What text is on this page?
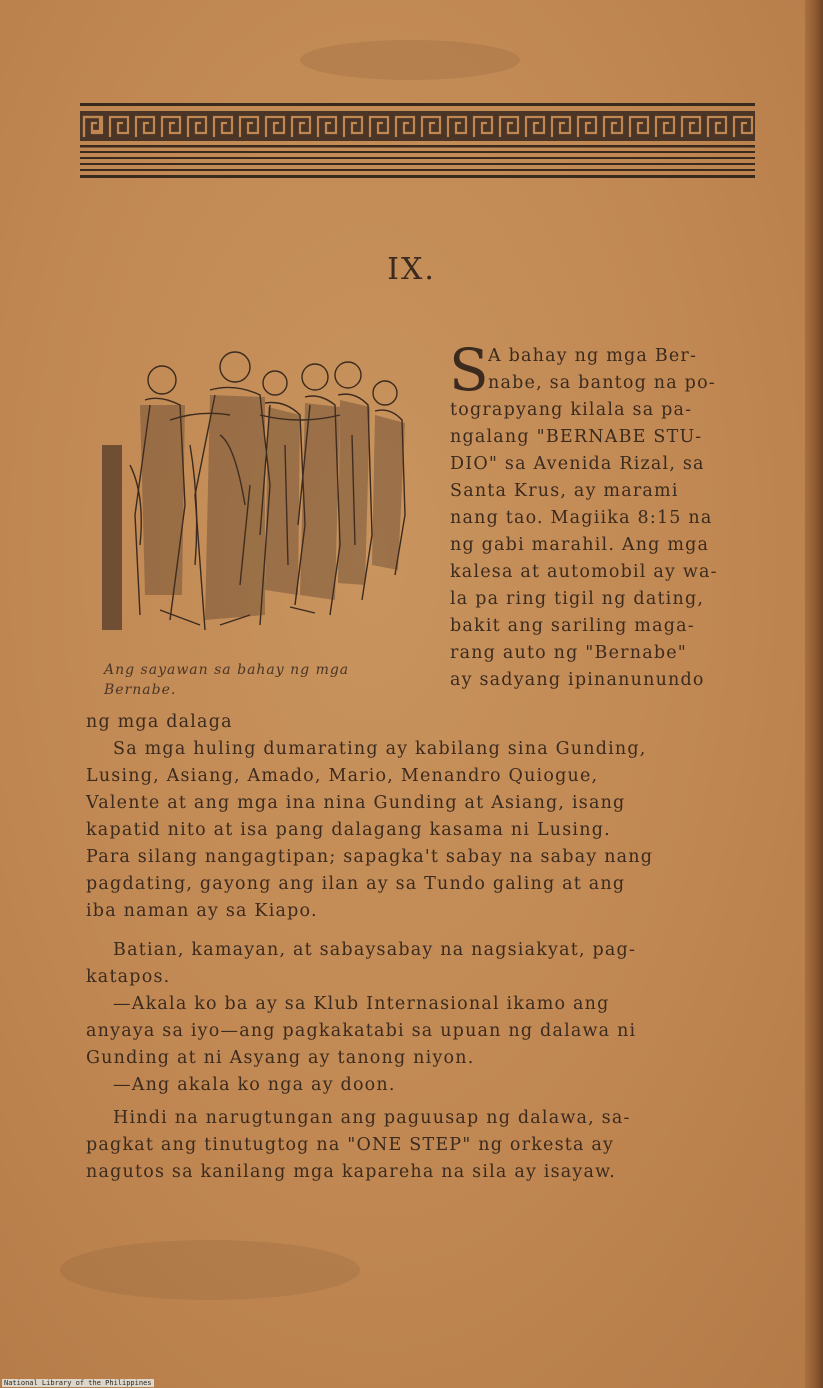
IX.
Ang sayawan sa bahay ng mga
Bernabe.
S A bahay ng mga Ber-
nabe, sa bantog na po-
tograpyang kilala sa pa-
ngalang "BERNABE STU-
DIO" sa Avenida Rizal, sa
Santa Krus, ay marami
nang tao. Magiika 8:15 na
ng gabi marahil. Ang mga
kalesa at automobil ay wa-
la pa ring tigil ng dating,
bakit ang sariling maga-
rang auto ng "Bernabe"
ay sadyang ipinanunundo
ng mga dalaga
Sa mga huling dumarating ay kabilang sina Gunding,
Lusing, Asiang, Amado, Mario, Menandro Quiogue,
Valente at ang mga ina nina Gunding at Asiang, isang
kapatid nito at isa pang dalagang kasama ni Lusing.
Para silang nangagtipan; sapagka't sabay na sabay nang
pagdating, gayong ang ilan ay sa Tundo galing at ang
iba naman ay sa Kiapo.
Batian, kamayan, at sabaysabay na nagsiakyat, pag-
katapos.
—Akala ko ba ay sa Klub Internasional ikamo ang
anyaya sa iyo—ang pagkakatabi sa upuan ng dalawa ni
Gunding at ni Asyang ay tanong niyon.
—Ang akala ko nga ay doon.
Hindi na narugtungan ang paguusap ng dalawa, sa-
pagkat ang tinutugtog na "ONE STEP" ng orkesta ay
nagutos sa kanilang mga kapareha na sila ay isayaw.
National Library of the Philippines
